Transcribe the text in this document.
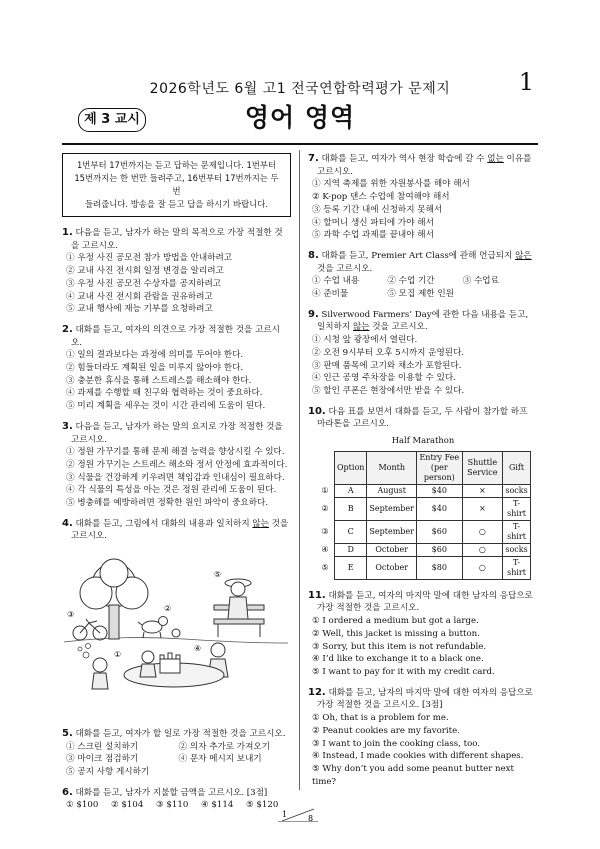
2026학년도 6월 고1 전국연합학력평가 문제지	1
제 3 교시	영어 영역
1번부터 17번까지는 듣고 답하는 문제입니다. 1번부터
15번까지는 한 번만 들려주고, 16번부터 17번까지는 두 번
들려줍니다. 방송을 잘 듣고 답을 하시기 바랍니다.
1. 다음을 듣고, 남자가 하는 말의 목적으로 가장 적절한 것을 고르시오.
① 우정 사진 공모전 참가 방법을 안내하려고
② 교내 사진 전시회 일정 변경을 알리려고
③ 우정 사진 공모전 수상자를 공지하려고
④ 교내 사진 전시회 관람을 권유하려고
⑤ 교내 행사에 재능 기부를 요청하려고
2. 대화를 듣고, 여자의 의견으로 가장 적절한 것을 고르시오.
① 일의 결과보다는 과정에 의미를 두어야 한다.
② 힘들더라도 계획된 일을 미루지 않아야 한다.
③ 충분한 휴식을 통해 스트레스를 해소해야 한다.
④ 과제를 수행할 때 친구와 협력하는 것이 중요하다.
⑤ 미리 계획을 세우는 것이 시간 관리에 도움이 된다.
3. 다음을 듣고, 남자가 하는 말의 요지로 가장 적절한 것을 고르시오.
① 정원 가꾸기를 통해 문제 해결 능력을 향상시킬 수 있다.
② 정원 가꾸기는 스트레스 해소와 정서 안정에 효과적이다.
③ 식물을 건강하게 키우려면 책임감과 인내심이 필요하다.
④ 각 식물의 특성을 아는 것은 정원 관리에 도움이 된다.
⑤ 병충해를 예방하려면 정확한 원인 파악이 중요하다.
4. 대화를 듣고, 그림에서 대화의 내용과 일치하지 않는 것을 고르시오.
③
②
⑤
①
④
5. 대화를 듣고, 여자가 할 일로 가장 적절한 것을 고르시오.
① 스크린 설치하기	② 의자 추가로 가져오기
③ 마이크 점검하기	④ 문자 메시지 보내기
⑤ 공지 사항 게시하기
6. 대화를 듣고, 남자가 지불할 금액을 고르시오. [3점]
① $100	② $104	③ $110	④ $114	⑤ $120
7. 대화를 듣고, 여자가 역사 현장 학습에 갈 수 없는 이유를 고르시오.
① 지역 축제를 위한 자원봉사를 해야 해서
② K-pop 댄스 수업에 참여해야 해서
③ 등록 기간 내에 신청하지 못해서
④ 할머니 생신 파티에 가야 해서
⑤ 과학 수업 과제를 끝내야 해서
8. 대화를 듣고, Premier Art Class에 관해 언급되지 않은 것을 고르시오.
① 수업 내용	② 수업 기간	③ 수업료
④ 준비물	⑤ 모집 제한 인원
9. Silverwood Farmers’ Day에 관한 다음 내용을 듣고, 일치하지 않는 것을 고르시오.
① 시청 앞 광장에서 열린다.
② 오전 9시부터 오후 5시까지 운영된다.
③ 판매 품목에 고기와 채소가 포함된다.
④ 인근 공영 주차장을 이용할 수 있다.
⑤ 할인 쿠폰은 현장에서만 받을 수 있다.
10. 다음 표를 보면서 대화를 듣고, 두 사람이 참가할 하프 마라톤을 고르시오.
Half Marathon
	Option	Month	Entry Fee (per person)	Shuttle Service	Gift
①	A	August	$40	×	socks
②	B	September	$40	×	T-shirt
③	C	September	$60	○	T-shirt
④	D	October	$60	○	socks
⑤	E	October	$80	○	T-shirt
11. 대화를 듣고, 여자의 마지막 말에 대한 남자의 응답으로 가장 적절한 것을 고르시오.
① I ordered a medium but got a large.
② Well, this jacket is missing a button.
③ Sorry, but this item is not refundable.
④ I’d like to exchange it to a black one.
⑤ I want to pay for it with my credit card.
12. 대화를 듣고, 남자의 마지막 말에 대한 여자의 응답으로 가장 적절한 것을 고르시오. [3점]
① Oh, that is a problem for me.
② Peanut cookies are my favorite.
③ I want to join the cooking class, too.
④ Instead, I made cookies with different shapes.
⑤ Why don’t you add some peanut butter next time?
1	8
